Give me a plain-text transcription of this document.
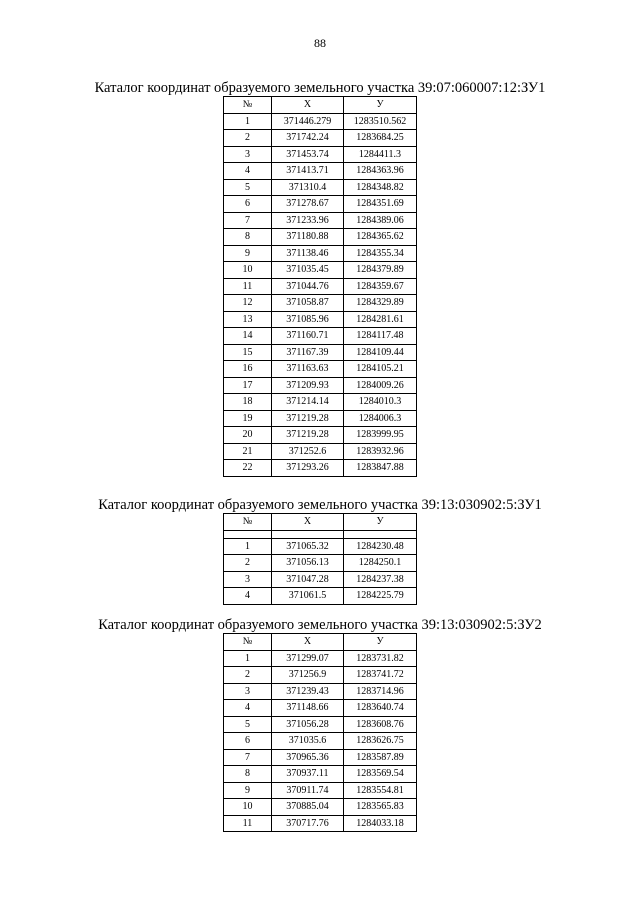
88
Каталог координат образуемого земельного участка 39:07:060007:12:ЗУ1
№	Х	У
1	371446.279	1283510.562
2	371742.24	1283684.25
3	371453.74	1284411.3
4	371413.71	1284363.96
5	371310.4	1284348.82
6	371278.67	1284351.69
7	371233.96	1284389.06
8	371180.88	1284365.62
9	371138.46	1284355.34
10	371035.45	1284379.89
11	371044.76	1284359.67
12	371058.87	1284329.89
13	371085.96	1284281.61
14	371160.71	1284117.48
15	371167.39	1284109.44
16	371163.63	1284105.21
17	371209.93	1284009.26
18	371214.14	1284010.3
19	371219.28	1284006.3
20	371219.28	1283999.95
21	371252.6	1283932.96
22	371293.26	1283847.88
Каталог координат образуемого земельного участка 39:13:030902:5:ЗУ1
№	Х	У

1	371065.32	1284230.48
2	371056.13	1284250.1
3	371047.28	1284237.38
4	371061.5	1284225.79
Каталог координат образуемого земельного участка 39:13:030902:5:ЗУ2
№	Х	У
1	371299.07	1283731.82
2	371256.9	1283741.72
3	371239.43	1283714.96
4	371148.66	1283640.74
5	371056.28	1283608.76
6	371035.6	1283626.75
7	370965.36	1283587.89
8	370937.11	1283569.54
9	370911.74	1283554.81
10	370885.04	1283565.83
11	370717.76	1284033.18
